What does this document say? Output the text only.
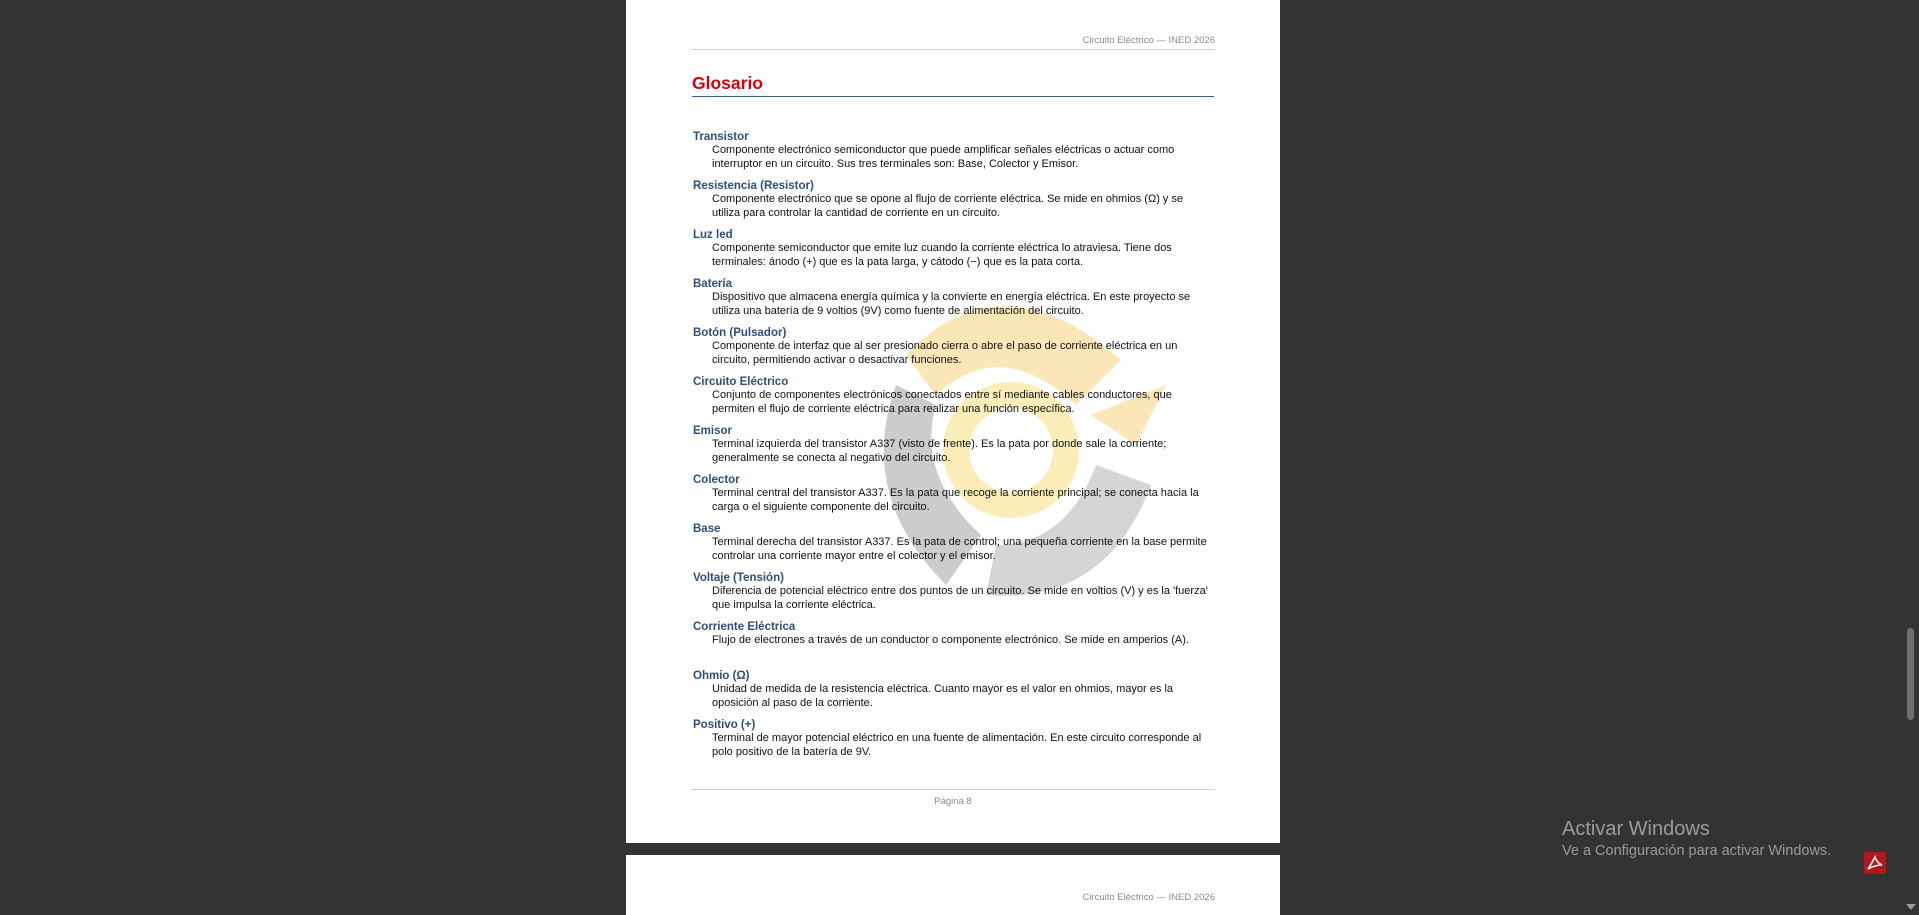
Circuito Eléctrico — INED 2026
Glosario
Transistor
Componente electrónico semiconductor que puede amplificar señales eléctricas o actuar como interruptor en un circuito. Sus tres terminales son: Base, Colector y Emisor.
Resistencia (Resistor)
Componente electrónico que se opone al flujo de corriente eléctrica. Se mide en ohmios (Ω) y se utiliza para controlar la cantidad de corriente en un circuito.
Luz led
Componente semiconductor que emite luz cuando la corriente eléctrica lo atraviesa. Tiene dos terminales: ánodo (+) que es la pata larga, y cátodo (−) que es la pata corta.
Batería
Dispositivo que almacena energía química y la convierte en energía eléctrica. En este proyecto se utiliza una batería de 9 voltios (9V) como fuente de alimentación del circuito.
Botón (Pulsador)
Componente de interfaz que al ser presionado cierra o abre el paso de corriente eléctrica en un circuito, permitiendo activar o desactivar funciones.
Circuito Eléctrico
Conjunto de componentes electrónicos conectados entre sí mediante cables conductores, que permiten el flujo de corriente eléctrica para realizar una función específica.
Emisor
Terminal izquierda del transistor A337 (visto de frente). Es la pata por donde sale la corriente; generalmente se conecta al negativo del circuito.
Colector
Terminal central del transistor A337. Es la pata que recoge la corriente principal; se conecta hacia la carga o el siguiente componente del circuito.
Base
Terminal derecha del transistor A337. Es la pata de control; una pequeña corriente en la base permite controlar una corriente mayor entre el colector y el emisor.
Voltaje (Tensión)
Diferencia de potencial eléctrico entre dos puntos de un circuito. Se mide en voltios (V) y es la 'fuerza' que impulsa la corriente eléctrica.
Corriente Eléctrica
Flujo de electrones a través de un conductor o componente electrónico. Se mide en amperios (A).
Ohmio (Ω)
Unidad de medida de la resistencia eléctrica. Cuanto mayor es el valor en ohmios, mayor es la oposición al paso de la corriente.
Positivo (+)
Terminal de mayor potencial eléctrico en una fuente de alimentación. En este circuito corresponde al polo positivo de la batería de 9V.
Página 8
Circuito Eléctrico — INED 2026
Activar Windows
Ve a Configuración para activar Windows.
